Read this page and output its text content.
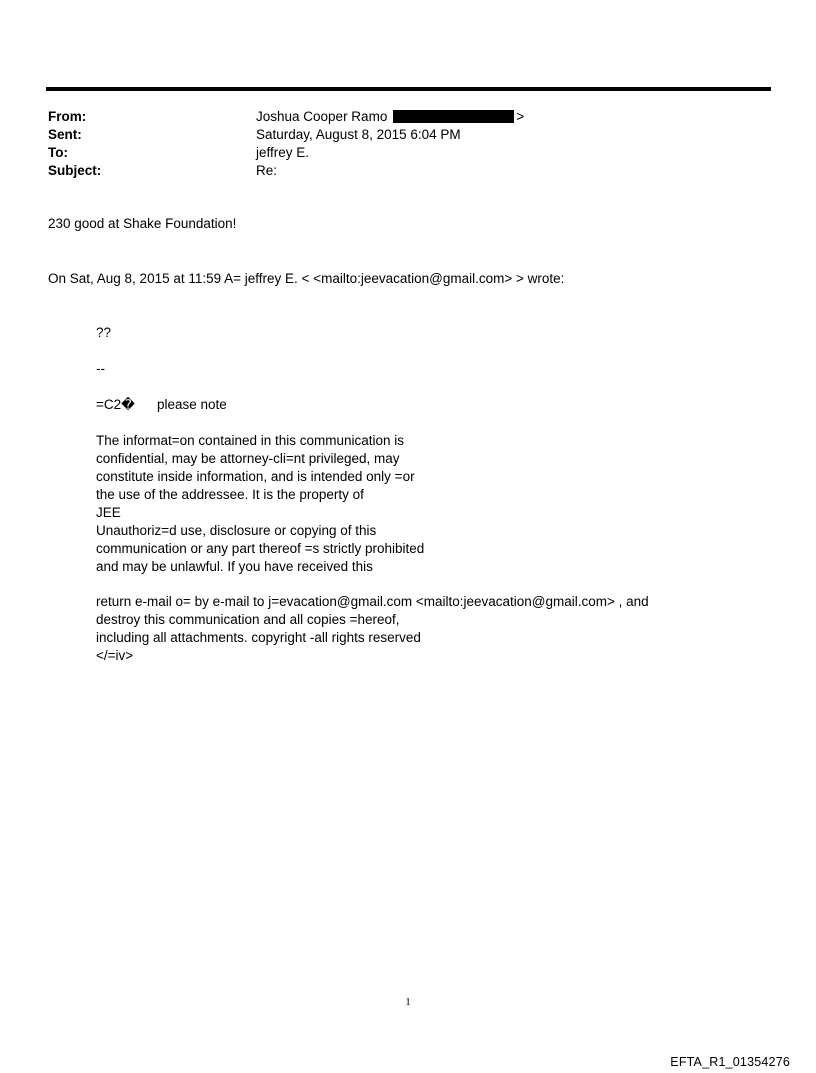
From:	Joshua Cooper Ramo	>
Sent:	Saturday, August 8, 2015 6:04 PM
To:	jeffrey E.
Subject:	Re:
230 good at Shake Foundation!
On Sat, Aug 8, 2015 at 11:59 A= jeffrey E. < <mailto:jeevacation@gmail.com> > wrote:
??
--
=C2� please note
The informat=on contained in this communication is
confidential, may be attorney-cli=nt privileged, may
constitute inside information, and is intended only =or
the use of the addressee. It is the property of
JEE
Unauthoriz=d use, disclosure or copying of this
communication or any part thereof =s strictly prohibited
and may be unlawful. If you have received this
return e-mail o= by e-mail to j=evacation@gmail.com <mailto:jeevacation@gmail.com> , and
destroy this communication and all copies =hereof,
including all attachments. copyright -all rights reserved
</=iv>
1
EFTA_R1_01354276
